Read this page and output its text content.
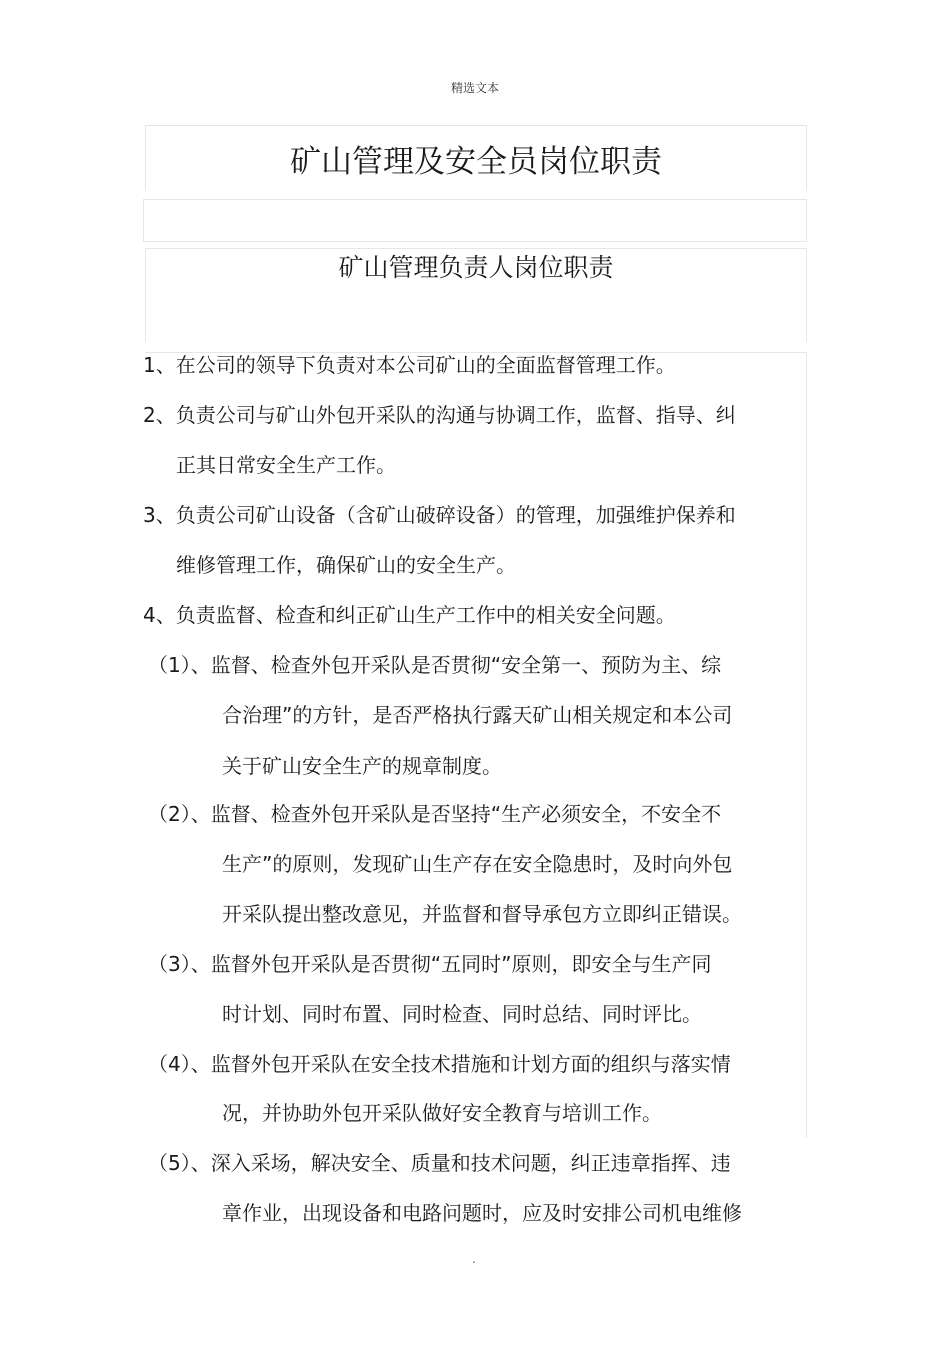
精选文本
矿山管理及安全员岗位职责
矿山管理负责人岗位职责
1、在公司的领导下负责对本公司矿山的全面监督管理工作。
2、负责公司与矿山外包开采队的沟通与协调工作，监督、指导、纠
正其日常安全生产工作。
3、负责公司矿山设备（含矿山破碎设备）的管理，加强维护保养和
维修管理工作，确保矿山的安全生产。
4、负责监督、检查和纠正矿山生产工作中的相关安全问题。
（1）、监督、检查外包开采队是否贯彻“安全第一、预防为主、综
合治理”的方针，是否严格执行露天矿山相关规定和本公司
关于矿山安全生产的规章制度。
（2）、监督、检查外包开采队是否坚持“生产必须安全，不安全不
生产”的原则，发现矿山生产存在安全隐患时，及时向外包
开采队提出整改意见，并监督和督导承包方立即纠正错误。
（3）、监督外包开采队是否贯彻“五同时”原则，即安全与生产同
时计划、同时布置、同时检查、同时总结、同时评比。
（4）、监督外包开采队在安全技术措施和计划方面的组织与落实情
况，并协助外包开采队做好安全教育与培训工作。
（5）、深入采场，解决安全、质量和技术问题，纠正违章指挥、违
章作业，出现设备和电路问题时，应及时安排公司机电维修
.
